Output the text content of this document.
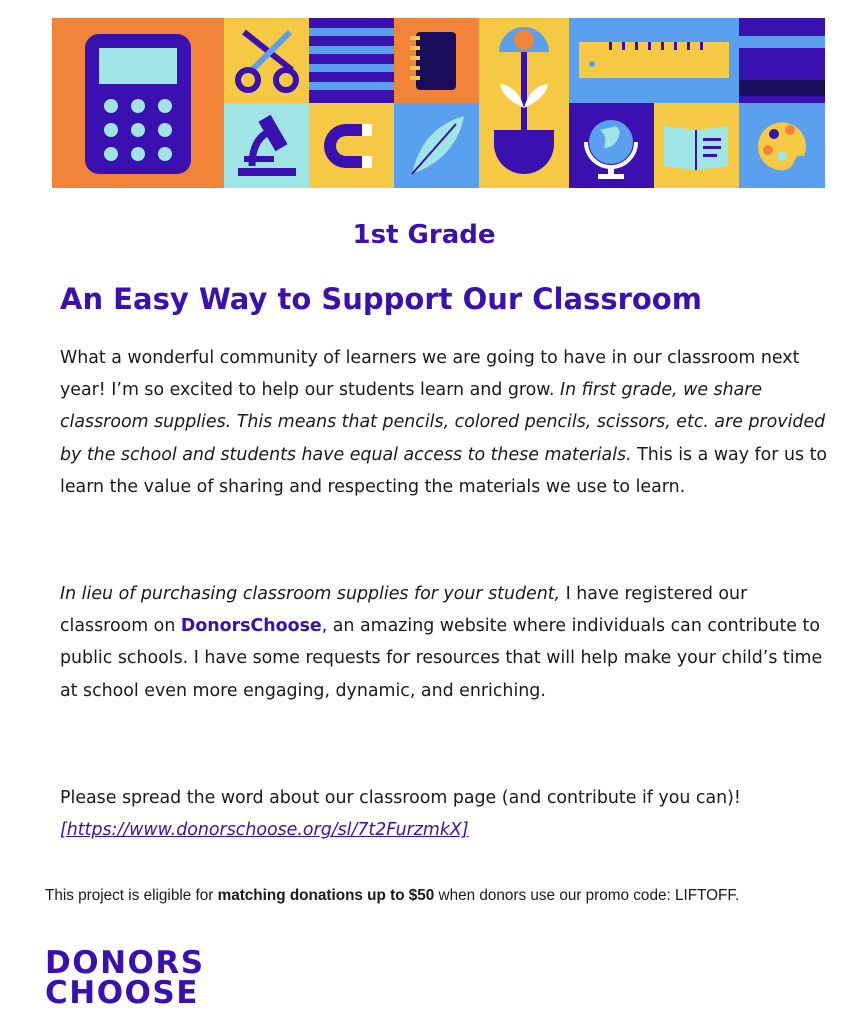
1st Grade
An Easy Way to Support Our Classroom

What a wonderful community of learners we are going to have in our classroom next year! I’m so excited to help our students learn and grow. In first grade, we share classroom supplies. This means that pencils, colored pencils, scissors, etc. are provided by the school and students have equal access to these materials. This is a way for us to learn the value of sharing and respecting the materials we use to learn.

In lieu of purchasing classroom supplies for your student, I have registered our classroom on DonorsChoose, an amazing website where individuals can contribute to public schools. I have some requests for resources that will help make your child’s time at school even more engaging, dynamic, and enriching.

Please spread the word about our classroom page (and contribute if you can)! [https://www.donorschoose.org/sl/7t2FurzmkX]

This project is eligible for matching donations up to $50 when donors use our promo code: LIFTOFF.

DONORS
CHOOSE
